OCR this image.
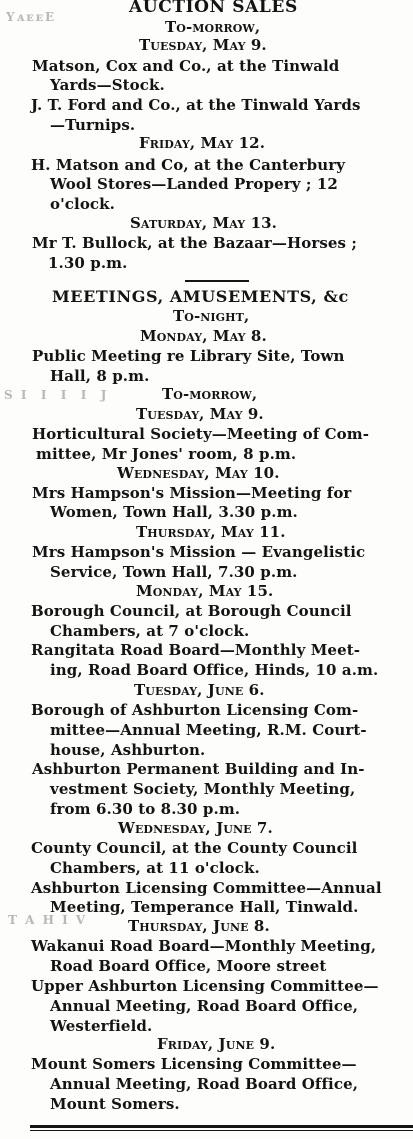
YᴀᴇᴇE
S I  I  I  I  J
T A H I V
AUCTION SALES
To-morrow,
Tuesday, May 9.
Matson, Cox and Co., at the Tinwald
Yards—Stock.
J. T. Ford and Co., at the Tinwald Yards
—Turnips.
Friday, May 12.
H. Matson and Co, at the Canterbury
Wool Stores—Landed Propery ; 12
o'clock.
Saturday, May 13.
Mr T. Bullock, at the Bazaar—Horses ;
1.30 p.m.
MEETINGS, AMUSEMENTS, &c
To-night,
Monday, May 8.
Public Meeting re Library Site, Town
Hall, 8 p.m.
To-morrow,
Tuesday, May 9.
Horticultural Society—Meeting of Com-
mittee, Mr Jones' room, 8 p.m.
Wednesday, May 10.
Mrs Hampson's Mission—Meeting for
Women, Town Hall, 3.30 p.m.
Thursday, May 11.
Mrs Hampson's Mission — Evangelistic
Service, Town Hall, 7.30 p.m.
Monday, May 15.
Borough Council, at Borough Council
Chambers, at 7 o'clock.
Rangitata Road Board—Monthly Meet-
ing, Road Board Office, Hinds, 10 a.m.
Tuesday, June 6.
Borough of Ashburton Licensing Com-
mittee—Annual Meeting, R.M. Court-
house, Ashburton.
Ashburton Permanent Building and In-
vestment Society, Monthly Meeting,
from 6.30 to 8.30 p.m.
Wednesday, June 7.
County Council, at the County Council
Chambers, at 11 o'clock.
Ashburton Licensing Committee—Annual
Meeting, Temperance Hall, Tinwald.
Thursday, June 8.
Wakanui Road Board—Monthly Meeting,
Road Board Office, Moore street
Upper Ashburton Licensing Committee—
Annual Meeting, Road Board Office,
Westerfield.
Friday, June 9.
Mount Somers Licensing Committee—
Annual Meeting, Road Board Office,
Mount Somers.
